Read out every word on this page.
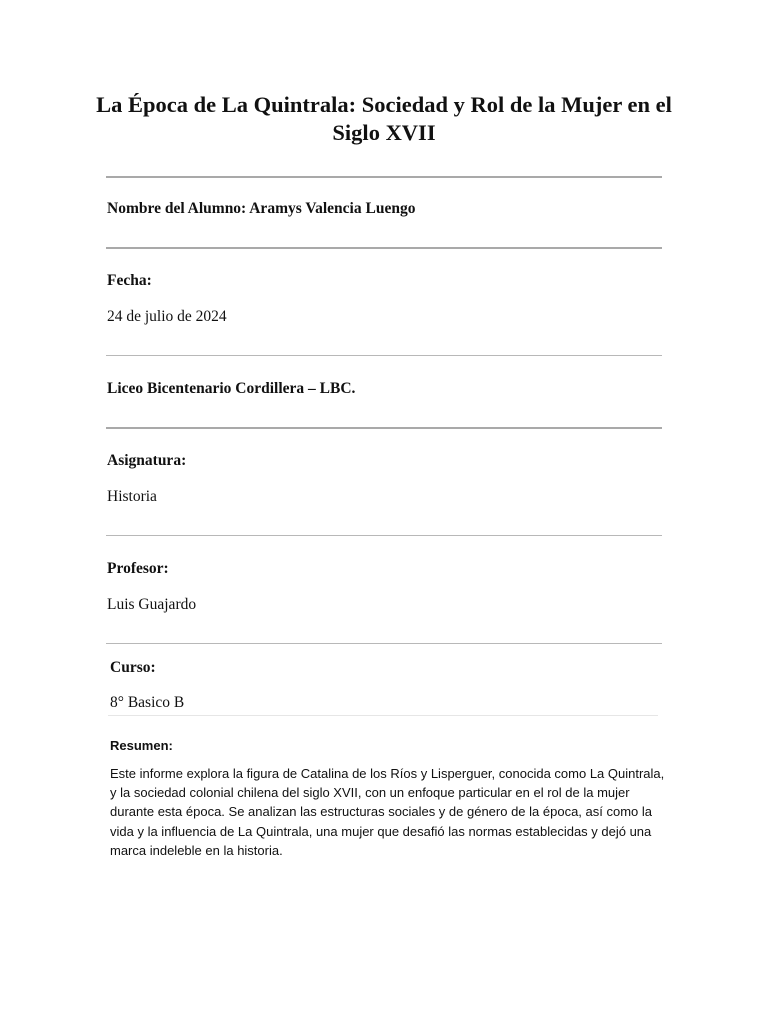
La Época de La Quintrala: Sociedad y Rol de la Mujer en el Siglo XVII

Nombre del Alumno: Aramys Valencia Luengo

Fecha:

24 de julio de 2024

Liceo Bicentenario Cordillera – LBC.

Asignatura:

Historia

Profesor:

Luis Guajardo

Curso:

8° Basico B

Resumen:

Este informe explora la figura de Catalina de los Ríos y Lisperguer, conocida como La Quintrala, y la sociedad colonial chilena del siglo XVII, con un enfoque particular en el rol de la mujer durante esta época. Se analizan las estructuras sociales y de género de la época, así como la vida y la influencia de La Quintrala, una mujer que desafió las normas establecidas y dejó una marca indeleble en la historia.
